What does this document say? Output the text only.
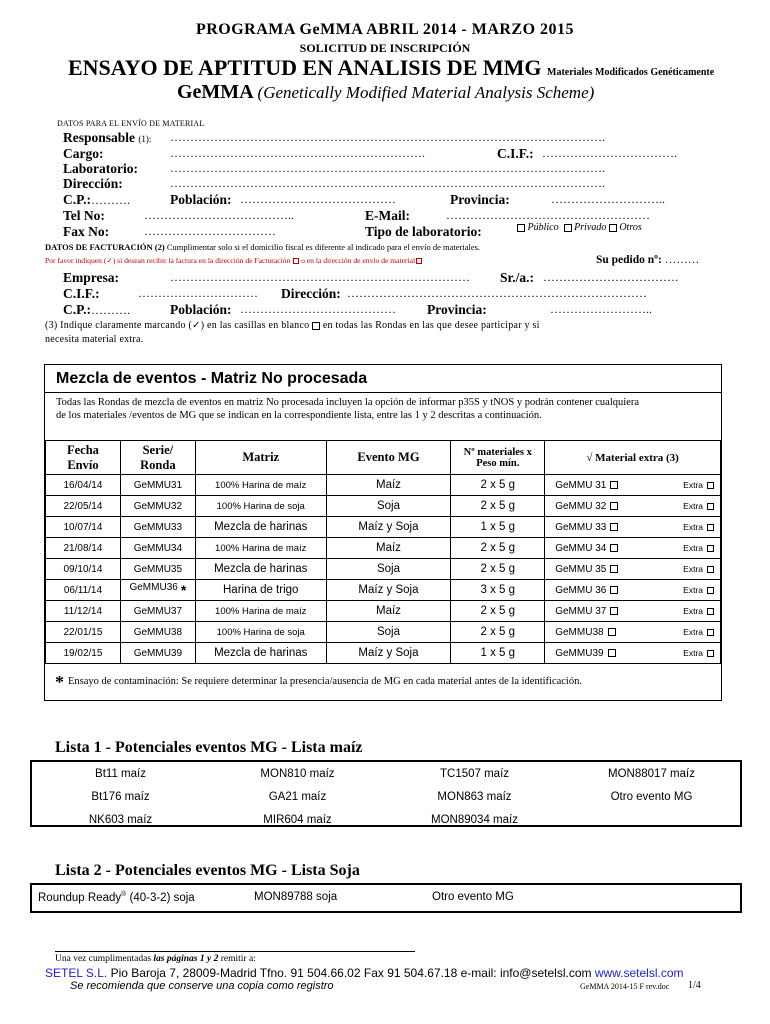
PROGRAMA GeMMA ABRIL 2014 - MARZO 2015
SOLICITUD DE INSCRIPCIÓN
ENSAYO DE APTITUD EN ANALISIS DE MMG Materiales Modificados Genéticamente
GeMMA (Genetically Modified Material Analysis Scheme)
DATOS PARA EL ENVÍO DE MATERIAL
Responsable (1): ……………………………………………………………………………………………….
Cargo:	……………………………………………………….	C.I.F.: …………………………….
Laboratorio:	……………………………………………………………………………………………….
Dirección:	……………………………………………………………………………………………….
C.P.:……….	Población: …………………………………	Provincia:	………………………..
Tel No:	………………………………..	E-Mail:	……………………………………………
Fax No:	……………………………	Tipo de laboratorio:	Público Privado Otros
DATOS DE FACTURACIÓN (2) Cumplimentar solo si el domicilio fiscal es diferente al indicado para el envío de materiales.
Por favor indiquen (✓) si desean recibir la factura en la dirección de Facturación o en la dirección de envío de material	Su pedido nº: ………
Empresa:	………………………………………………………………… Sr./a.: …………………………….
C.I.F.:	………………………… Dirección: …………………………………………………………………
C.P.:……….	Población: ………………………………… Provincia:	……………………..
(3) Indique claramente marcando (✓) en las casillas en blanco en todas las Rondas en las que desee participar y si
necesita material extra.
Mezcla de eventos - Matriz No procesada
Todas las Rondas de mezcla de eventos en matriz No procesada incluyen la opción de informar p35S y tNOS y podrán contener cualquiera
de los materiales /eventos de MG que se indican en la correspondiente lista, entre las 1 y 2 descritas a continuación.
Fecha
Envío	Serie/
Ronda	Matriz	Evento MG	Nº materiales x
Peso mín.	√ Material extra (3)
16/04/14	GeMMU31	100% Harina de maíz	Maíz	2 x 5 g	GeMMU 31 Extra

22/05/14	GeMMU32	100% Harina de soja	Soja	2 x 5 g	GeMMU 32 Extra

10/07/14	GeMMU33	Mezcla de harinas	Maíz y Soja	1 x 5 g	GeMMU 33 Extra

21/08/14	GeMMU34	100% Harina de maíz	Maíz	2 x 5 g	GeMMU 34 Extra

09/10/14	GeMMU35	Mezcla de harinas	Soja	2 x 5 g	GeMMU 35 Extra

06/11/14	GeMMU36 *	Harina de trigo	Maíz y Soja	3 x 5 g	GeMMU 36 Extra

11/12/14	GeMMU37	100% Harina de maíz	Maíz	2 x 5 g	GeMMU 37 Extra

22/01/15	GeMMU38	100% Harina de soja	Soja	2 x 5 g	GeMMU38 Extra

19/02/15	GeMMU39	Mezcla de harinas	Maíz y Soja	1 x 5 g	GeMMU39 Extra
* Ensayo de contaminación: Se requiere determinar la presencia/ausencia de MG en cada material antes de la identificación.
Lista 1 - Potenciales eventos MG - Lista maíz
Bt11 maíz	MON810 maíz	TC1507 maíz	MON88017 maíz
Bt176 maíz	GA21 maíz	MON863 maíz	Otro evento MG
NK603 maíz	MIR604 maíz	MON89034 maíz	
Lista 2 - Potenciales eventos MG - Lista Soja
Roundup Ready® (40-3-2) soja	MON89788 soja	Otro evento MG
Una vez cumplimentadas las páginas 1 y 2 remitir a:
SETEL S.L. Pio Baroja 7, 28009-Madrid Tfno. 91 504.66.02 Fax 91 504.67.18 e-mail: info@setelsl.com www.setelsl.com
Se recomienda que conserve una copia como registro	GeMMA 2014-15 F rev.doc 1/4
